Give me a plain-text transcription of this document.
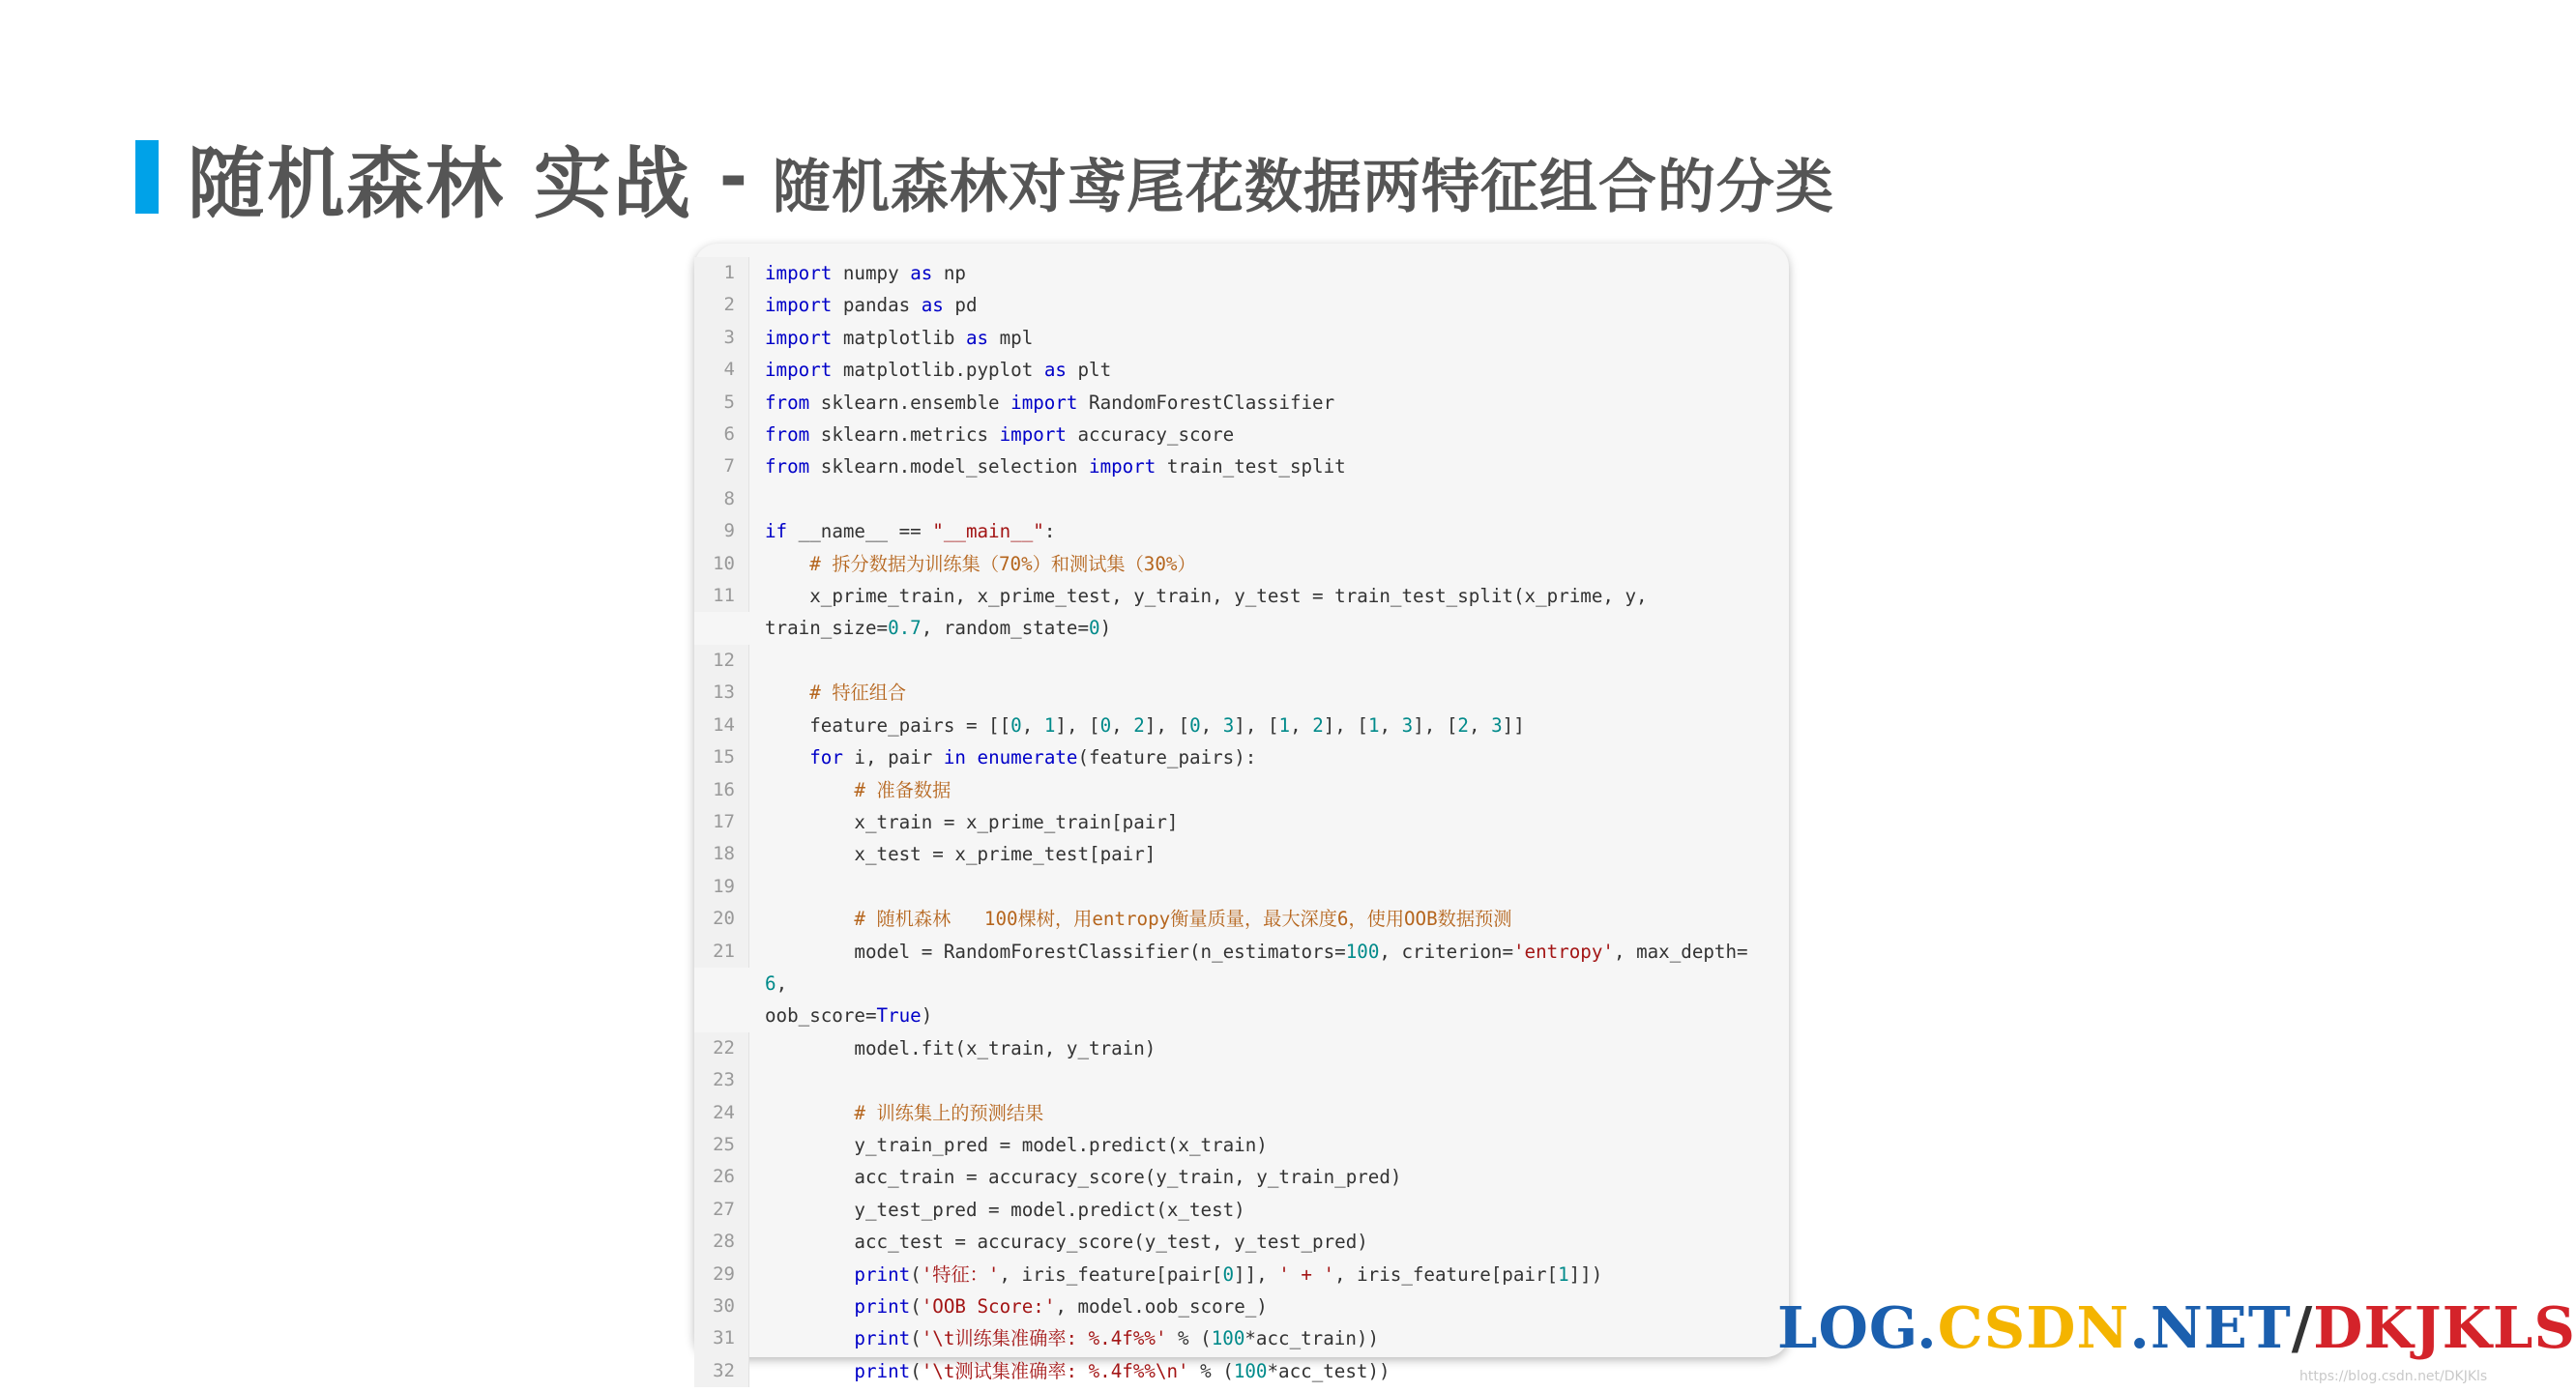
随机森林 实战 - 随机森林对鸢尾花数据两特征组合的分类
1	import numpy as np
2	import pandas as pd
3	import matplotlib as mpl
4	import matplotlib.pyplot as plt
5	from sklearn.ensemble import RandomForestClassifier
6	from sklearn.metrics import accuracy_score
7	from sklearn.model_selection import train_test_split
8

9	if __name__ == "__main__":
10	# 拆分数据为训练集（70%）和测试集（30%）
11	x_prime_train, x_prime_test, y_train, y_test = train_test_split(x_prime, y,
train_size=0.7, random_state=0)
12

13	# 特征组合
14	feature_pairs = [[0, 1], [0, 2], [0, 3], [1, 2], [1, 3], [2, 3]]
15	for i, pair in enumerate(feature_pairs):
16	# 准备数据
17	x_train = x_prime_train[pair]
18	x_test = x_prime_test[pair]
19

20	# 随机森林   100棵树，用entropy衡量质量，最大深度6，使用OOB数据预测
21	model = RandomForestClassifier(n_estimators=100, criterion='entropy', max_depth=6,
oob_score=True)
22	model.fit(x_train, y_train)
23

24	# 训练集上的预测结果
25	y_train_pred = model.predict(x_train)
26	acc_train = accuracy_score(y_train, y_train_pred)
27	y_test_pred = model.predict(x_test)
28	acc_test = accuracy_score(y_test, y_test_pred)
29	print('特征：', iris_feature[pair[0]], ' + ', iris_feature[pair[1]])
30	print('OOB Score:', model.oob_score_)
31	print('\t训练集准确率: %.4f%%' % (100*acc_train))
32	print('\t测试集准确率: %.4f%%\n' % (100*acc_test))
LOG. CSDN .NET / DKJKLS
https://blog.csdn.net/DKJKls
